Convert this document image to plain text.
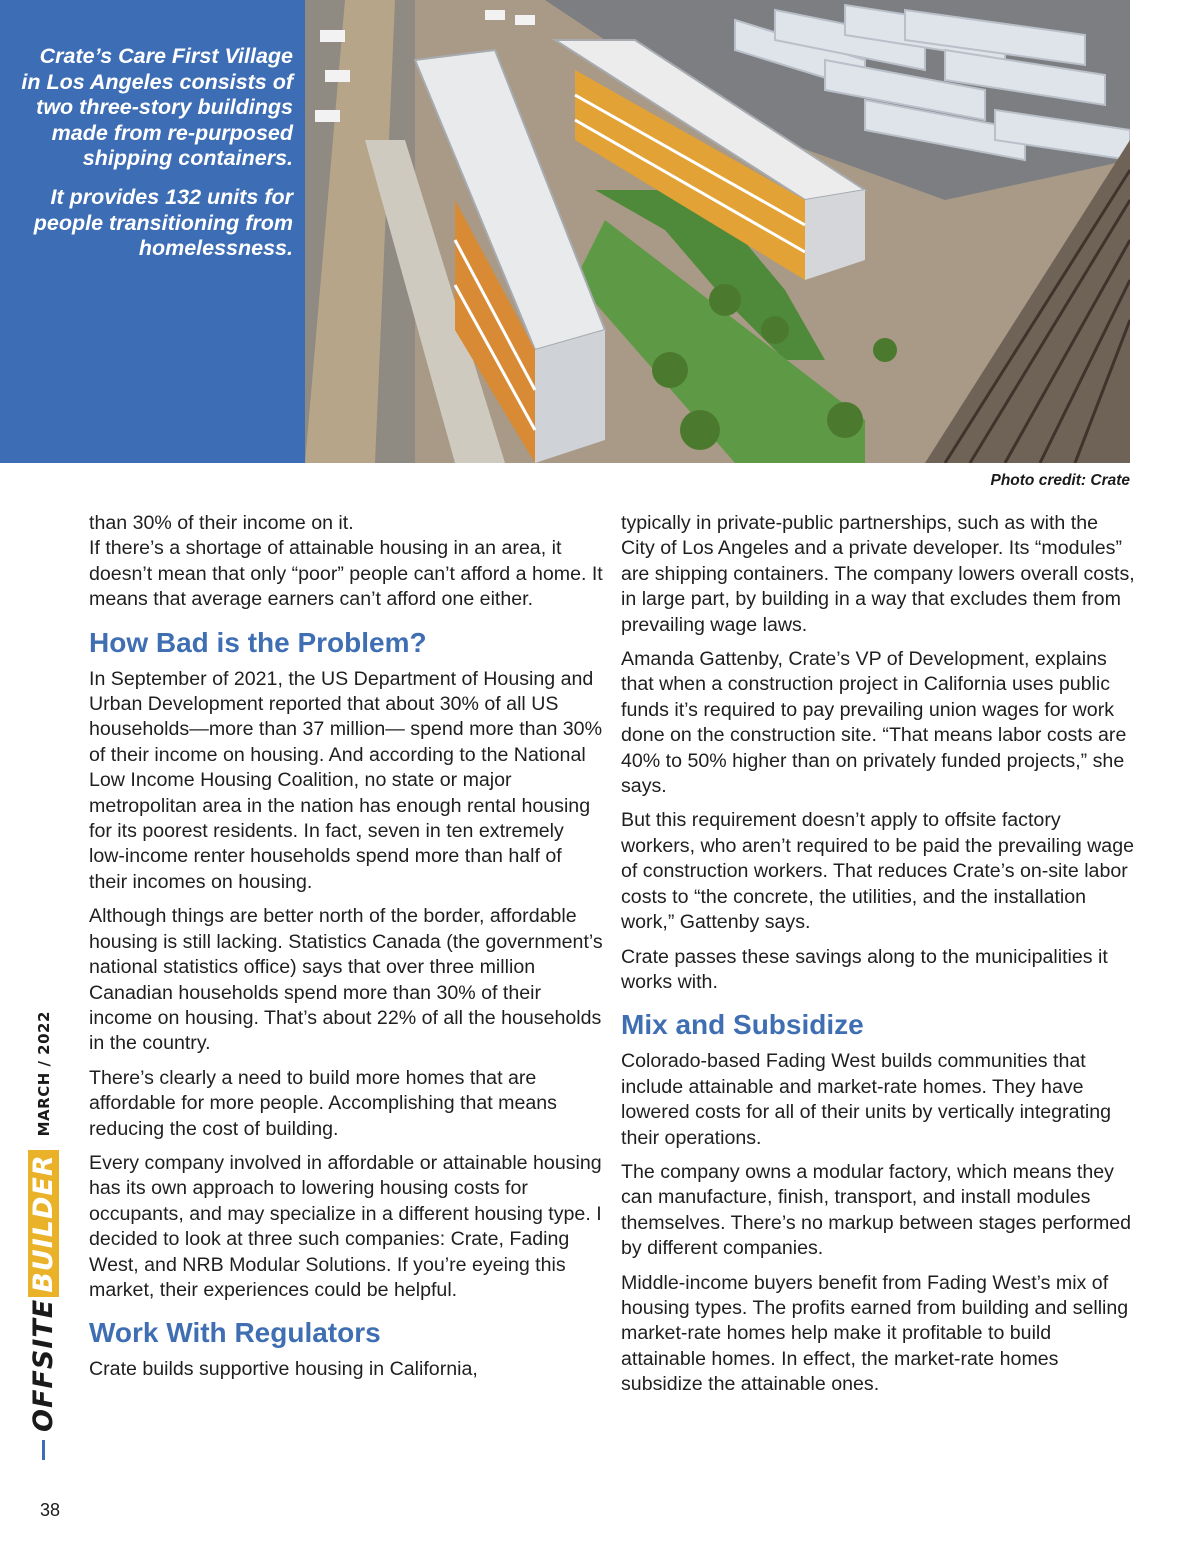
Crate’s Care First Village in Los Angeles consists of two three-story buildings made from re-purposed shipping containers.

It provides 132 units for people transitioning from homelessness.

Photo credit: Crate

than 30% of their income on it.

If there’s a shortage of attainable housing in an area, it doesn’t mean that only “poor” people can’t afford a home. It means that average earners can’t afford one either.

How Bad is the Problem?

In September of 2021, the US Department of Housing and Urban Development reported that about 30% of all US households—more than 37 million— spend more than 30% of their income on housing. And according to the National Low Income Housing Coalition, no state or major metropolitan area in the nation has enough rental housing for its poorest residents. In fact, seven in ten extremely low-income renter households spend more than half of their incomes on housing.

Although things are better north of the border, affordable housing is still lacking. Statistics Canada (the government’s national statistics office) says that over three million Canadian households spend more than 30% of their income on housing. That’s about 22% of all the households in the country.

There’s clearly a need to build more homes that are affordable for more people. Accomplishing that means reducing the cost of building.

Every company involved in affordable or attainable housing has its own approach to lowering housing costs for occupants, and may specialize in a different housing type. I decided to look at three such companies: Crate, Fading West, and NRB Modular Solutions. If you’re eyeing this market, their experiences could be helpful.

Work With Regulators

Crate builds supportive housing in California,

typically in private-public partnerships, such as with the City of Los Angeles and a private developer. Its “modules” are shipping containers. The company lowers overall costs, in large part, by building in a way that excludes them from prevailing wage laws.

Amanda Gattenby, Crate’s VP of Development, explains that when a construction project in California uses public funds it’s required to pay prevailing union wages for work done on the construction site. “That means labor costs are 40% to 50% higher than on privately funded projects,” she says.

But this requirement doesn’t apply to offsite factory workers, who aren’t required to be paid the prevailing wage of construction workers. That reduces Crate’s on-site labor costs to “the concrete, the utilities, and the installation work,” Gattenby says.

Crate passes these savings along to the municipalities it works with.

Mix and Subsidize

Colorado-based Fading West builds communities that include attainable and market-rate homes. They have lowered costs for all of their units by vertically integrating their operations.

The company owns a modular factory, which means they can manufacture, finish, transport, and install modules themselves. There’s no markup between stages performed by different companies.

Middle-income buyers benefit from Fading West’s mix of housing types. The profits earned from building and selling market-rate homes help make it profitable to build attainable homes. In effect, the market-rate homes subsidize the attainable ones.

OFFSITE
BUILDER
MARCH / 2022
38
